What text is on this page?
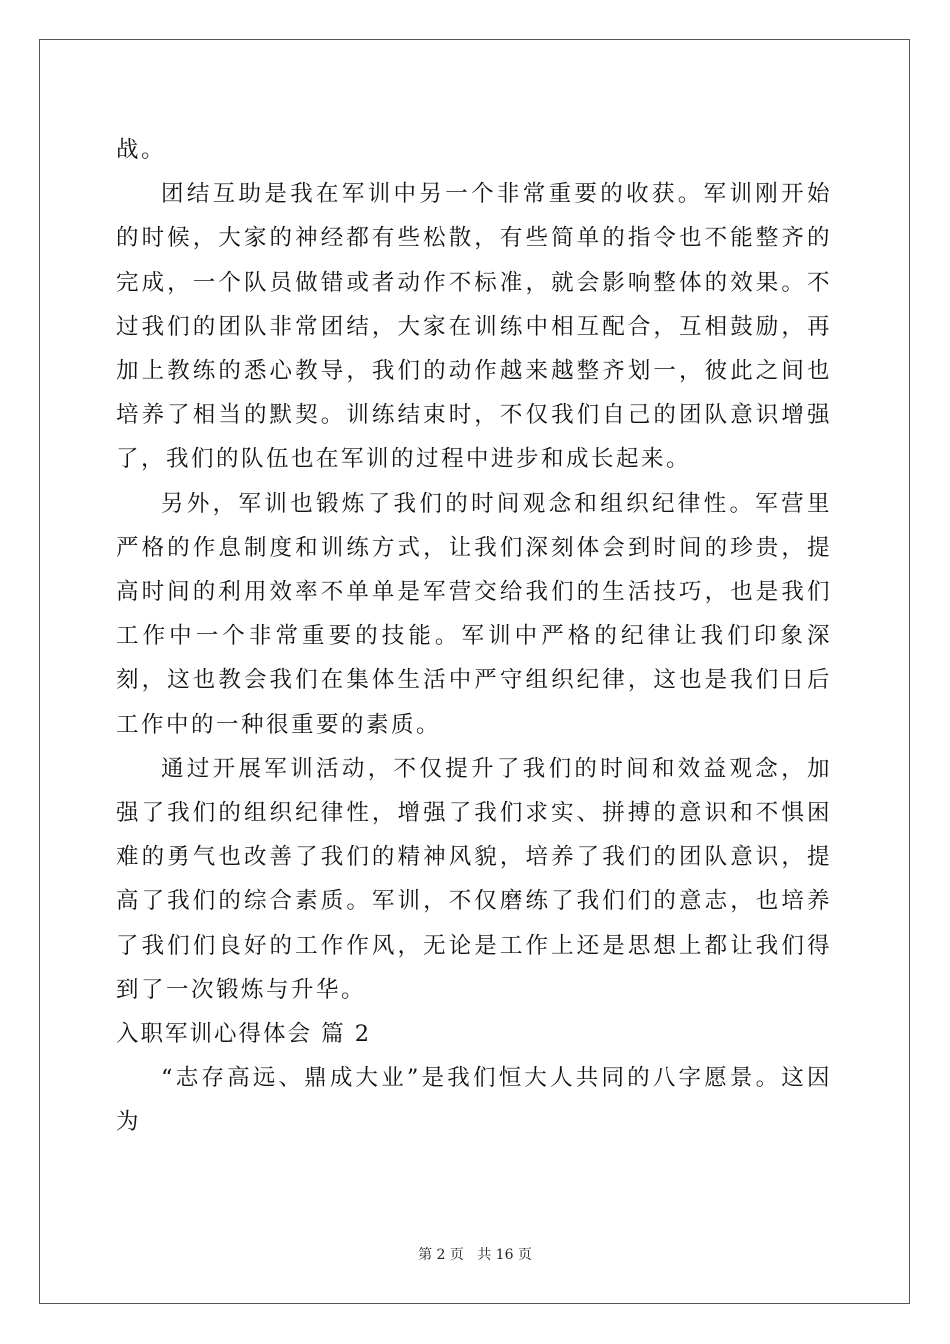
战。

团结互助是我在军训中另一个非常重要的收获。军训刚开始的时候，大家的神经都有些松散，有些简单的指令也不能整齐的完成，一个队员做错或者动作不标准，就会影响整体的效果。不过我们的团队非常团结，大家在训练中相互配合，互相鼓励，再加上教练的悉心教导，我们的动作越来越整齐划一，彼此之间也培养了相当的默契。训练结束时，不仅我们自己的团队意识增强了，我们的队伍也在军训的过程中进步和成长起来。

另外，军训也锻炼了我们的时间观念和组织纪律性。军营里严格的作息制度和训练方式，让我们深刻体会到时间的珍贵，提高时间的利用效率不单单是军营交给我们的生活技巧，也是我们工作中一个非常重要的技能。军训中严格的纪律让我们印象深刻，这也教会我们在集体生活中严守组织纪律，这也是我们日后工作中的一种很重要的素质。

通过开展军训活动，不仅提升了我们的时间和效益观念，加强了我们的组织纪律性，增强了我们求实、拼搏的意识和不惧困难的勇气也改善了我们的精神风貌，培养了我们的团队意识，提高了我们的综合素质。军训，不仅磨练了我们们的意志，也培养了我们们良好的工作作风，无论是工作上还是思想上都让我们得到了一次锻炼与升华。

入职军训心得体会 篇 2

“志存高远、鼎成大业”是我们恒大人共同的八字愿景。这因为

第 2 页   共 16 页
